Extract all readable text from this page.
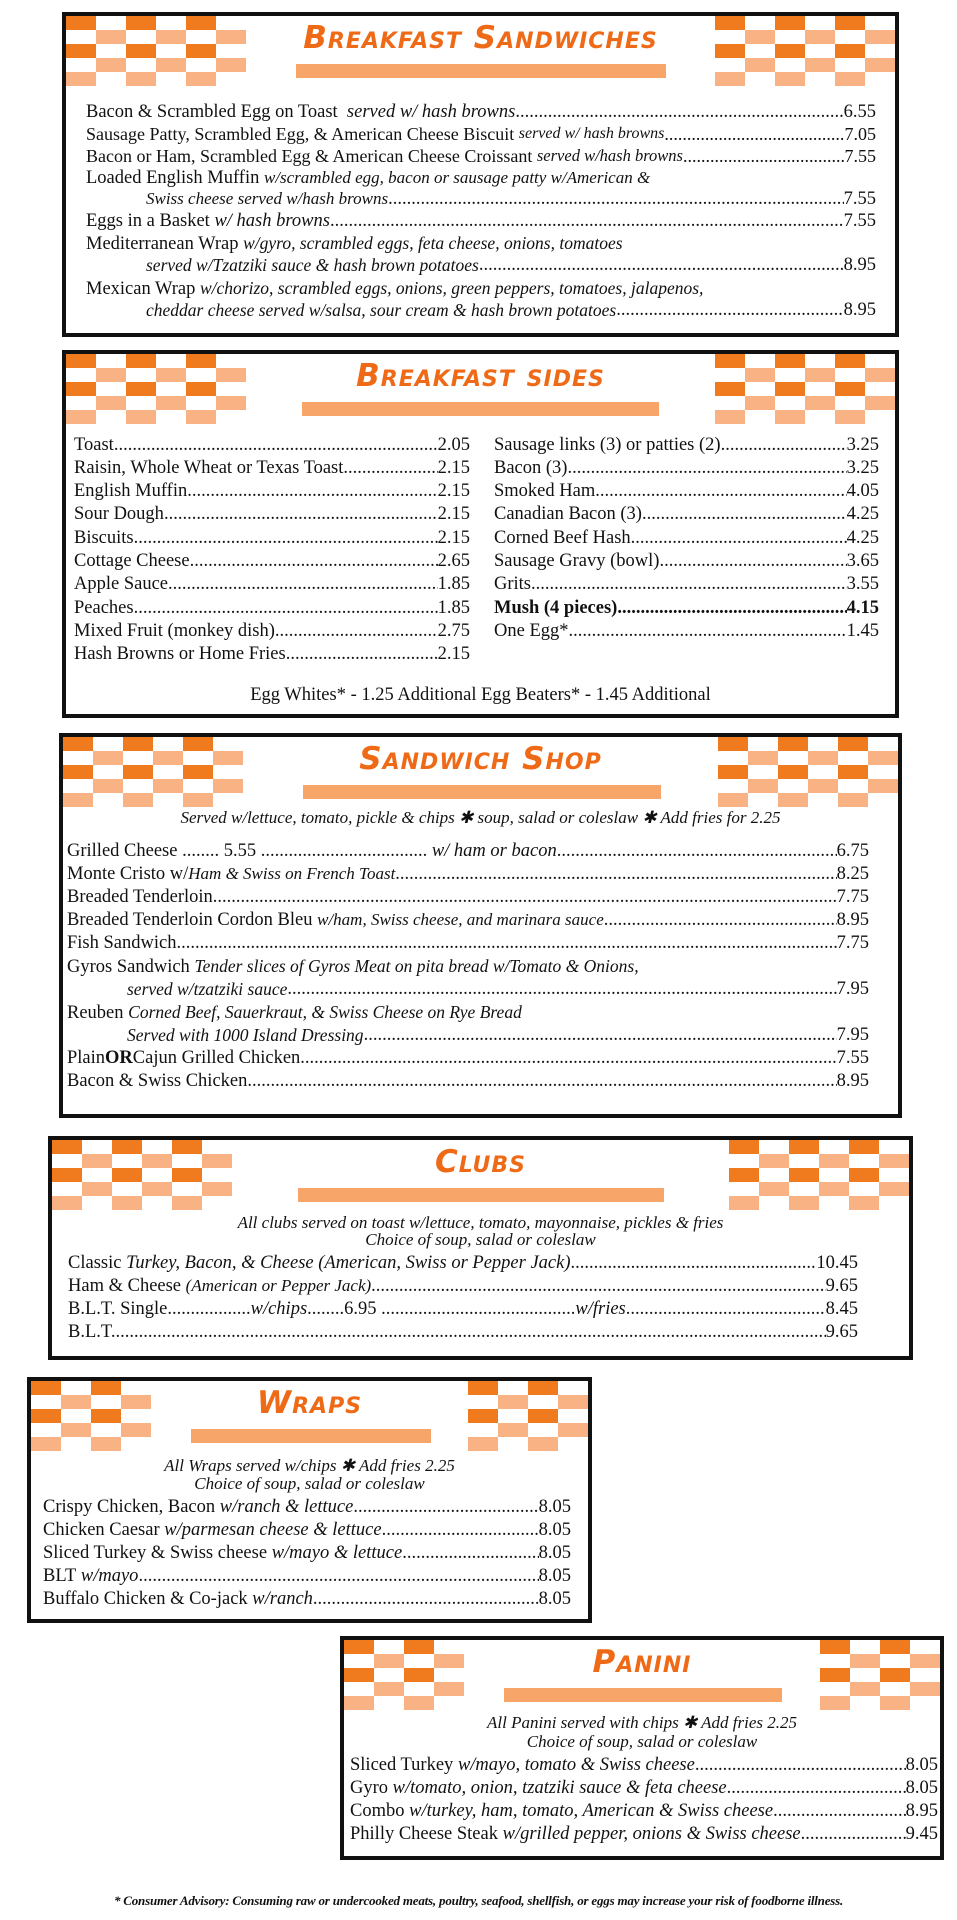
Breakfast Sandwiches
Bacon & Scrambled Egg on Toast
served w/ hash browns .....	6.55
Sausage Patty, Scrambled Egg, & American Cheese Biscuit
served w/ hash browns .....	7.05
Bacon or Ham, Scrambled Egg & American Cheese Croissant
served w/hash browns .....	7.55
Loaded English Muffin w/scrambled egg, bacon or sausage patty w/American &
Swiss cheese served w/hash browns .....	7.55
Eggs in a Basket
w/ hash browns .....	7.55
Mediterranean Wrap w/gyro, scrambled eggs, feta cheese, onions, tomatoes
served w/Tzatziki sauce & hash brown potatoes .....	8.95
Mexican Wrap w/chorizo, scrambled eggs, onions, green peppers, tomatoes, jalapenos,
cheddar cheese served w/salsa, sour cream & hash brown potatoes .....	8.95
Breakfast sides
Toast .....	2.05
Raisin, Whole Wheat or Texas Toast .....	2.15
English Muffin .....	2.15
Sour Dough .....	2.15
Biscuits .....	2.15
Cottage Cheese .....	2.65
Apple Sauce .....	1.85
Peaches .....	1.85
Mixed Fruit (monkey dish) .....	2.75
Hash Browns or Home Fries .....	2.15
Sausage links (3) or patties (2) .....	3.25
Bacon (3) .....	3.25
Smoked Ham .....	4.05
Canadian Bacon (3) .....	4.25
Corned Beef Hash .....	4.25
Sausage Gravy (bowl) .....	3.65
Grits .....	3.55
Mush (4 pieces) .....	4.15
One Egg* .....	1.45
Egg Whites* - 1.25 Additional Egg Beaters* - 1.45 Additional
Sandwich Shop
Served w/lettuce, tomato, pickle & chips ✱ soup, salad or coleslaw ✱ Add fries for 2.25
Grilled Cheese ........ 5.55 ....................................
w/ ham or bacon .....	6.75
Monte Cristo w/ Ham & Swiss on French Toast .....	8.25
Breaded Tenderloin .....	7.75
Breaded Tenderloin Cordon Bleu
w/ham, Swiss cheese, and marinara sauce .....	8.95
Fish Sandwich .....	7.75
Gyros Sandwich Tender slices of Gyros Meat on pita bread w/Tomato & Onions,
served w/tzatziki sauce .....	7.95
Reuben Corned Beef, Sauerkraut, & Swiss Cheese on Rye Bread
Served with 1000 Island Dressing .....	7.95
Plain OR Cajun Grilled Chicken .....	7.55
Bacon & Swiss Chicken .....	8.95
Clubs
All clubs served on toast w/lettuce, tomato, mayonnaise, pickles & fries
Choice of soup, salad or coleslaw
Classic
Turkey, Bacon, & Cheese (American, Swiss or Pepper Jack) .....	10.45
Ham & Cheese
(American or Pepper Jack) .....	9.65
B.L.T. Single.................. w/chips ........6.95 .......................................... w/fries .....	8.45
B.L.T. .....	9.65
Wraps
All Wraps served w/chips ✱ Add fries 2.25
Choice of soup, salad or coleslaw
Crispy Chicken, Bacon
w/ranch & lettuce .....	8.05
Chicken Caesar
w/parmesan cheese & lettuce .....	8.05
Sliced Turkey & Swiss cheese
w/mayo & lettuce .....	8.05
BLT
w/mayo .....	8.05
Buffalo Chicken & Co-jack
w/ranch .....	8.05
Panini
All Panini served with chips ✱ Add fries 2.25
Choice of soup, salad or coleslaw
Sliced Turkey
w/mayo, tomato & Swiss cheese .....	8.05
Gyro
w/tomato, onion, tzatziki sauce & feta cheese .....	8.05
Combo
w/turkey, ham, tomato, American & Swiss cheese .....	8.95
Philly Cheese Steak
w/grilled pepper, onions & Swiss cheese .....	9.45
* Consumer Advisory: Consuming raw or undercooked meats, poultry, seafood, shellfish, or eggs may increase your risk of foodborne illness.
